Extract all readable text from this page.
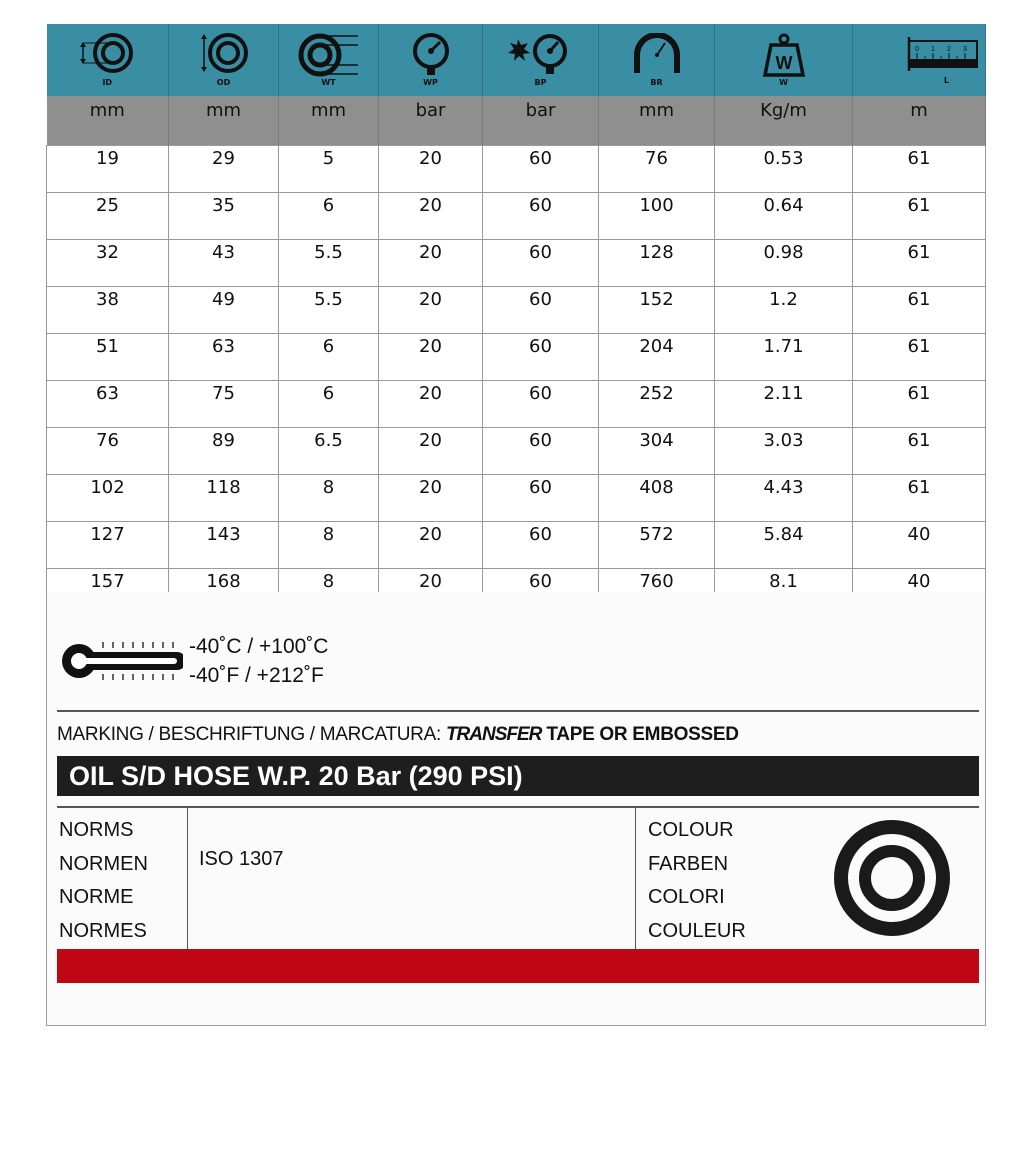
ID	OD	WT	WP	BP	BR	W
W	0 1 2 3
L

mm	mm	mm	bar	bar	mm	Kg/m	m
19	29	5	20	60	76	0.53	61
25	35	6	20	60	100	0.64	61
32	43	5.5	20	60	128	0.98	61
38	49	5.5	20	60	152	1.2	61
51	63	6	20	60	204	1.71	61
63	75	6	20	60	252	2.11	61
76	89	6.5	20	60	304	3.03	61
102	118	8	20	60	408	4.43	61
127	143	8	20	60	572	5.84	40
157	168	8	20	60	760	8.1	40

-40˚C / +100˚C
-40˚F / +212˚F
MARKING / BESCHRIFTUNG / MARCATURA: TRANSFER TAPE OR EMBOSSED
OIL S/D HOSE W.P. 20 Bar (290 PSI)
NORMS
NORMEN
NORME
NORMES
ISO 1307
COLOUR
FARBEN
COLORI
COULEUR
